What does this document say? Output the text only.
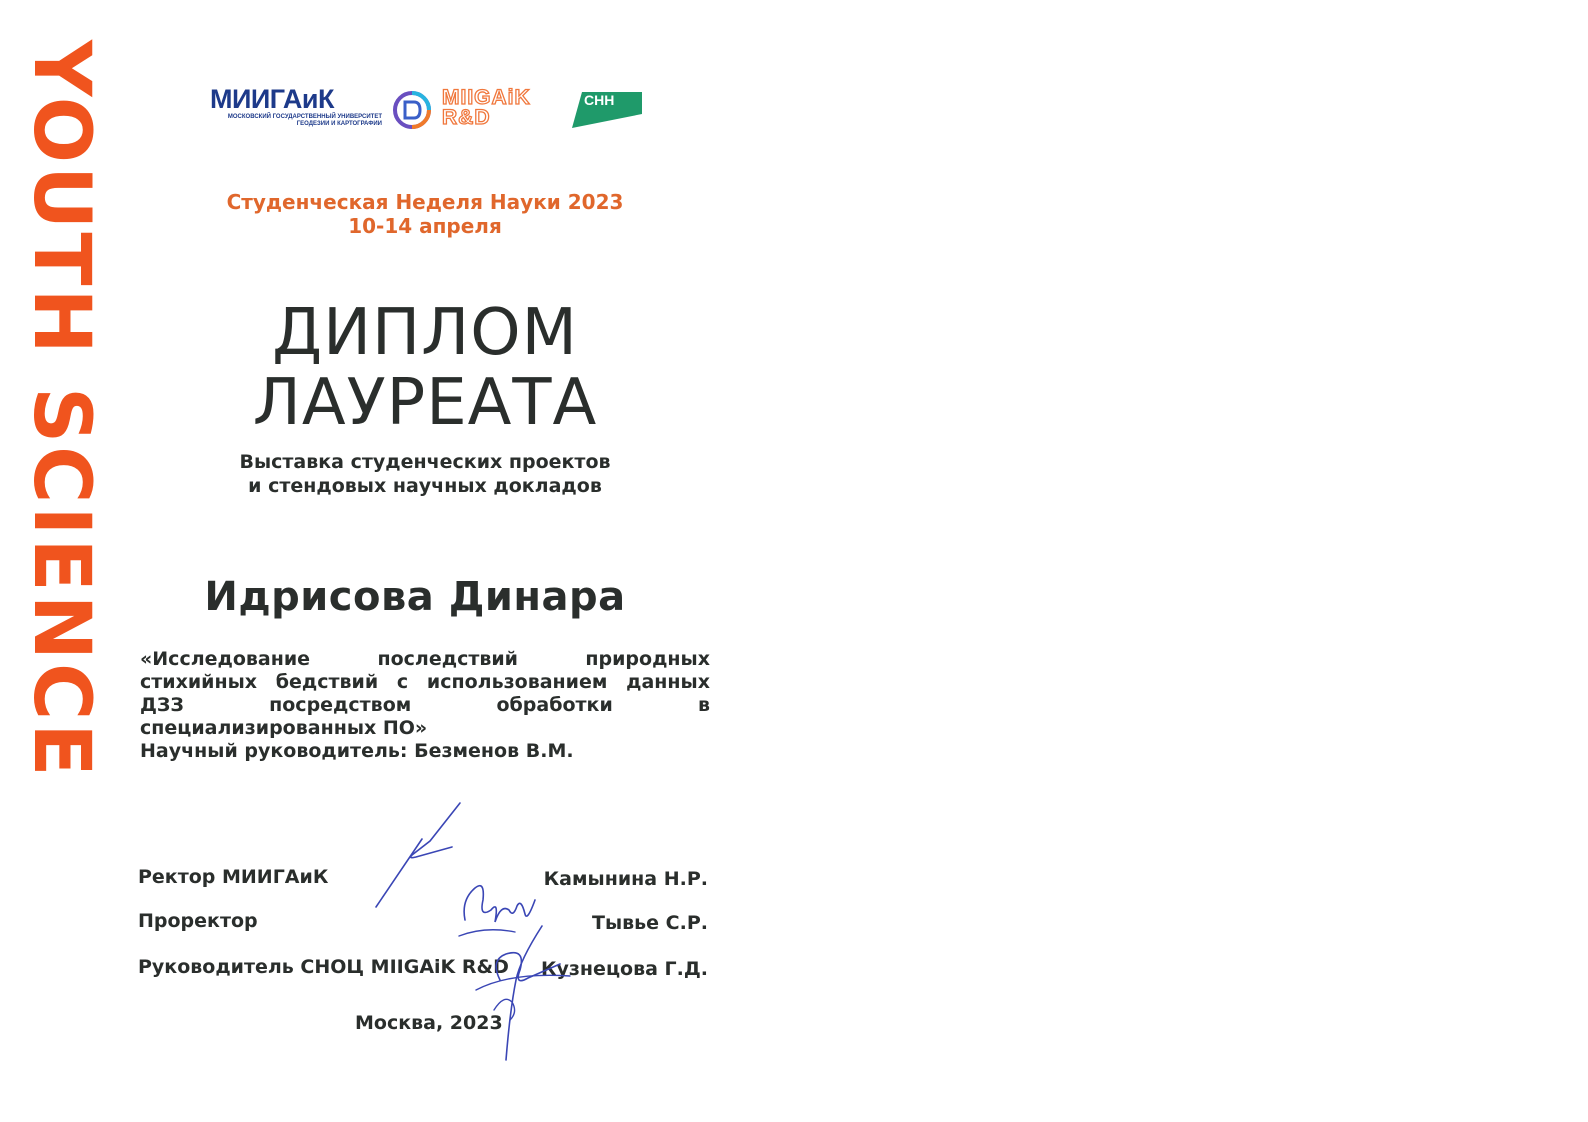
YOUTH SCIENCE	МИИГАиК
МОСКОВСКИЙ ГОСУДАРСТВЕННЫЙ УНИВЕРСИТЕТ
ГЕОДЕЗИИ И КАРТОГРАФИИ
MIIGAiK
R&D
СНН
Студенческая Неделя Науки 2023
10-14 апреля
ДИПЛОМ
ЛАУРЕАТА
Выставка студенческих проектов
и стендовых научных докладов
Идрисова Динара
«Исследование последствий природных стихийных бедствий с использованием данных ДЗЗ посредством обработки в специализированных ПО»
Научный руководитель: Безменов В.М.
Ректор МИИГАиК
Проректор
Руководитель СНОЦ MIIGAiK R&D
Камынина Н.Р.
Тывье С.Р.
Кузнецова Г.Д.
Москва, 2023
